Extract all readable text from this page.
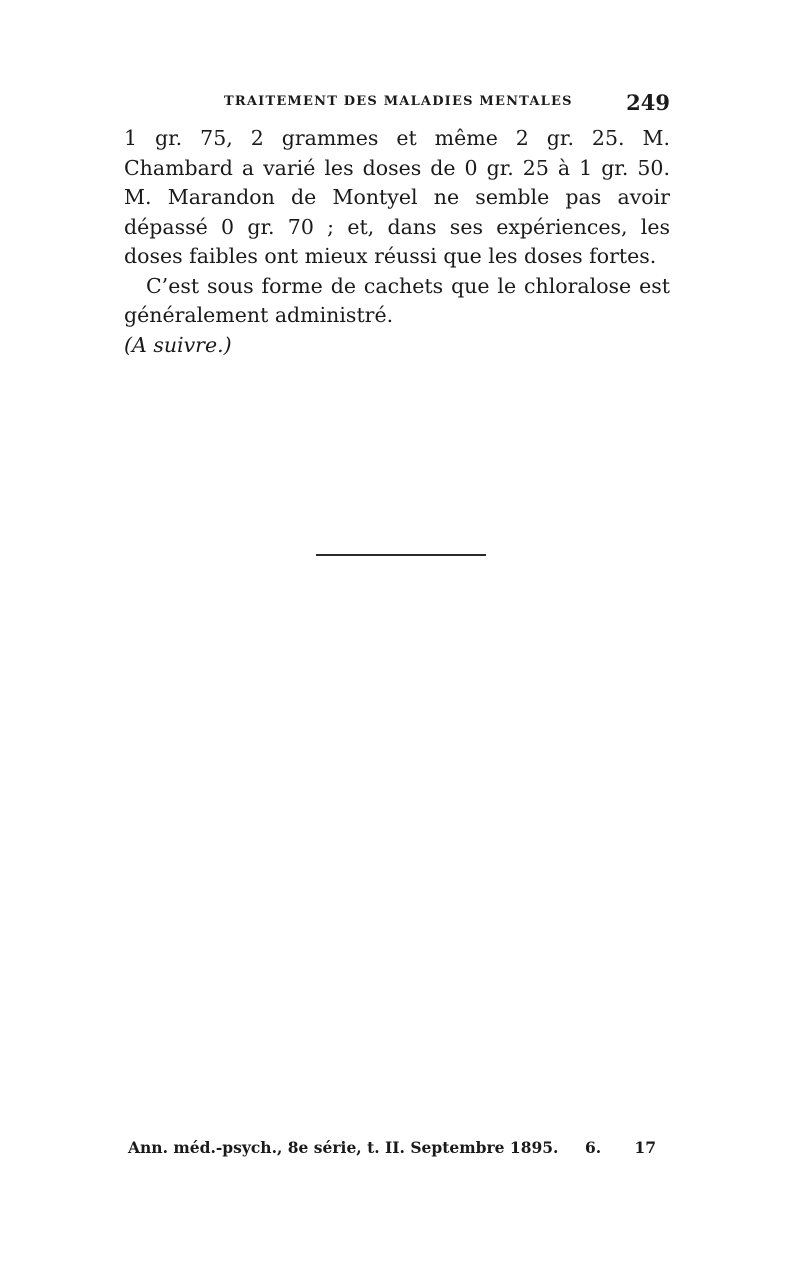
TRAITEMENT DES MALADIES MENTALES	249

1 gr. 75, 2 grammes et même 2 gr. 25. M. Chambard a varié les doses de 0 gr. 25 à 1 gr. 50. M. Marandon de Montyel ne semble pas avoir dépassé 0 gr. 70 ; et, dans ses expériences, les doses faibles ont mieux réussi que les doses fortes.

C’est sous forme de cachets que le chloralose est généralement administré.

(A suivre.)

Ann. méd.-psych., 8e série, t. II. Septembre 1895. 6. 17
